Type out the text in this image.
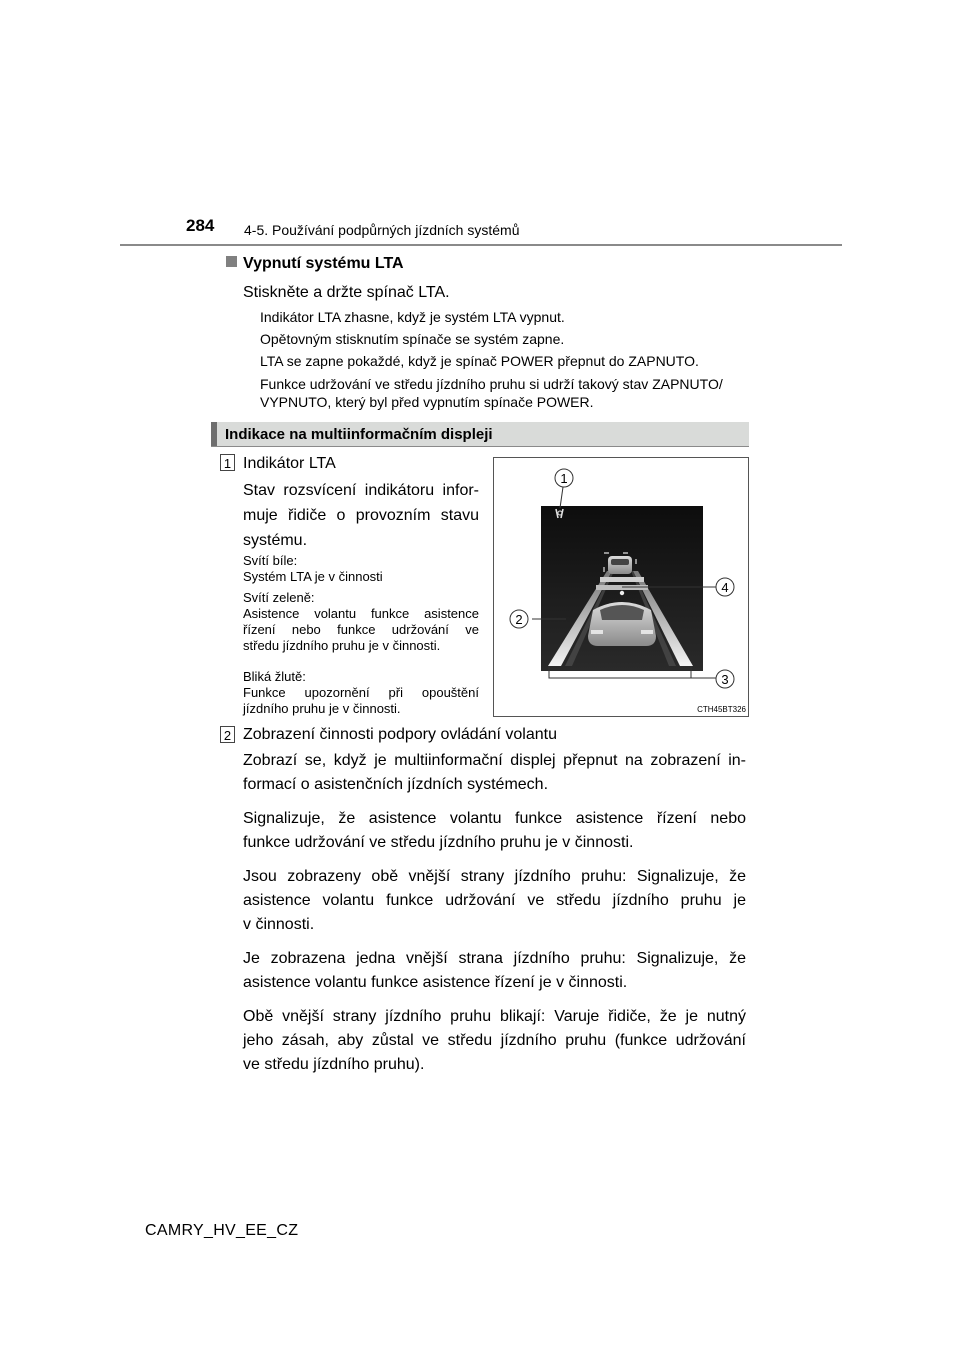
284 4-5. Používání podpůrných jízdních systémů
Vypnutí systému LTA
Stiskněte a držte spínač LTA.
Indikátor LTA zhasne, když je systém LTA vypnut.
Opětovným stisknutím spínače se systém zapne.
LTA se zapne pokaždé, když je spínač POWER přepnut do ZAPNUTO.
Funkce udržování ve středu jízdního pruhu si udrží takový stav ZAPNUTO/
VYPNUTO, který byl před vypnutím spínače POWER.
Indikace na multiinformačním displeji
1 Indikátor LTA
Stav rozsvícení indikátoru infor-
muje řidiče o provozním stavu
systému.
Svítí bíle:
Systém LTA je v činnosti
Svítí zeleně:
Asistence volantu funkce asistence
řízení nebo funkce udržování ve
středu jízdního pruhu je v činnosti.
Bliká žlutě:
Funkce upozornění při opouštění
jízdního pruhu je v činnosti.
1
4
2
3
CTH45BT326
2 Zobrazení činnosti podpory ovládání volantu
Zobrazí se, když je multiinformační displej přepnut na zobrazení in-
formací o asistenčních jízdních systémech.
Signalizuje, že asistence volantu funkce asistence řízení nebo
funkce udržování ve středu jízdního pruhu je v činnosti.
Jsou zobrazeny obě vnější strany jízdního pruhu: Signalizuje, že
asistence volantu funkce udržování ve středu jízdního pruhu je
v činnosti.
Je zobrazena jedna vnější strana jízdního pruhu: Signalizuje, že
asistence volantu funkce asistence řízení je v činnosti.
Obě vnější strany jízdního pruhu blikají: Varuje řidiče, že je nutný
jeho zásah, aby zůstal ve středu jízdního pruhu (funkce udržování
ve středu jízdního pruhu).
CAMRY_HV_EE_CZ
